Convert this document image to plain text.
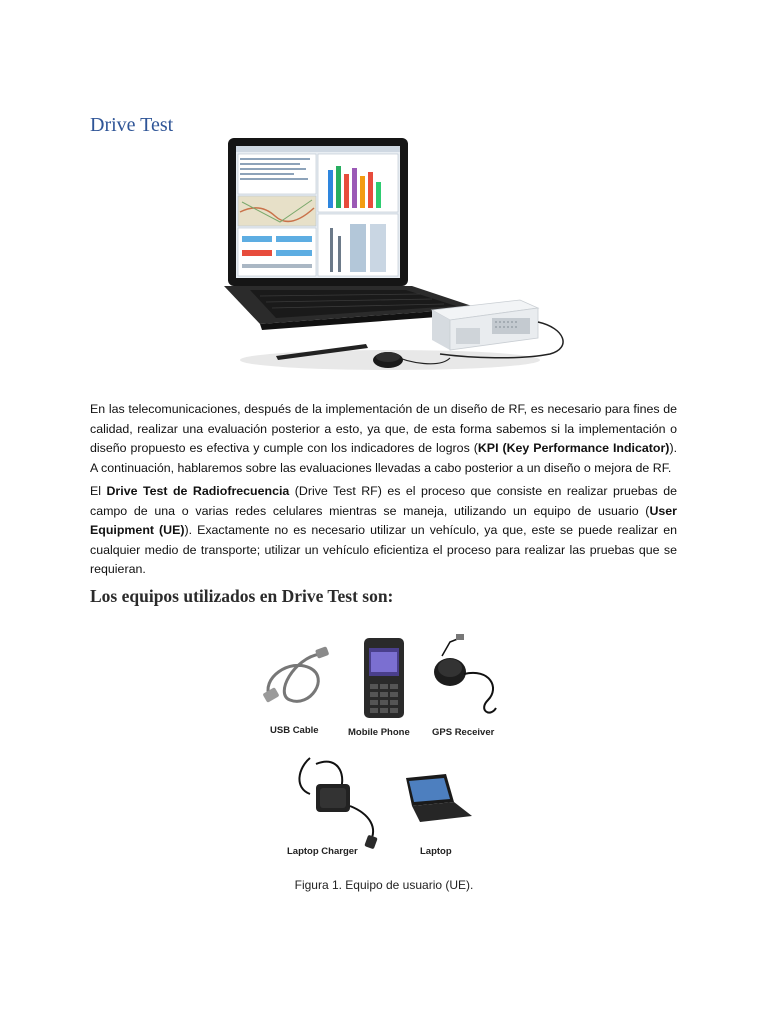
Drive Test

En las telecomunicaciones, después de la implementación de un diseño de RF, es necesario para fines de calidad, realizar una evaluación posterior a esto, ya que, de esta forma sabemos si la implementación o diseño propuesto es efectiva y cumple con los indicadores de logros (KPI (Key Performance Indicator)). A continuación, hablaremos sobre las evaluaciones llevadas a cabo posterior a un diseño o mejora de RF.

El Drive Test de Radiofrecuencia (Drive Test RF) es el proceso que consiste en realizar pruebas de campo de una o varias redes celulares mientras se maneja, utilizando un equipo de usuario (User Equipment (UE)). Exactamente no es necesario utilizar un vehículo, ya que, este se puede realizar en cualquier medio de transporte; utilizar un vehículo eficientiza el proceso para realizar las pruebas que se requieran.

Los equipos utilizados en Drive Test son:
USB Cable	Mobile Phone GPS Receiver
Laptop Charger	Laptop
Figura 1. Equipo de usuario (UE).
